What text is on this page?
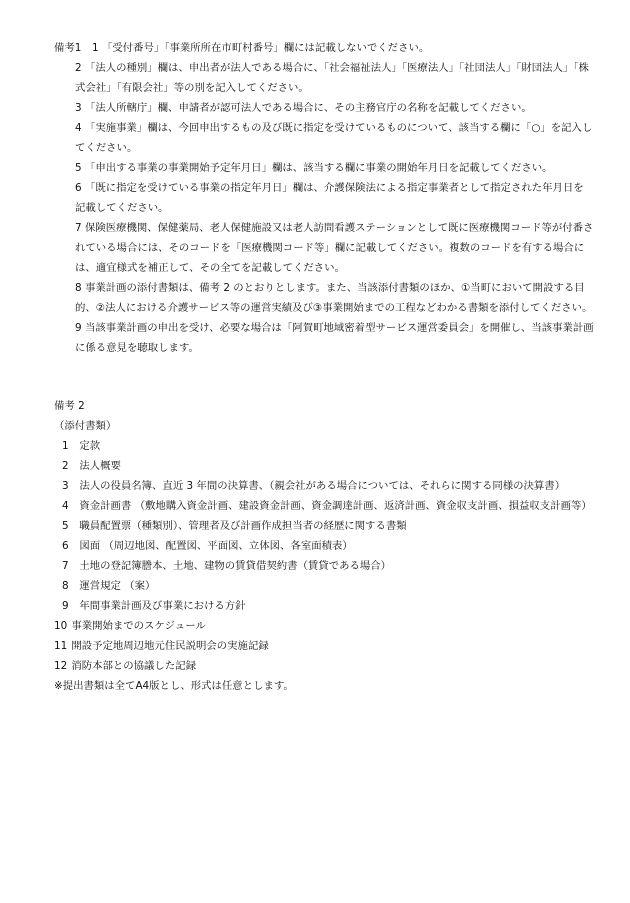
備考1 1 「受付番号」「事業所所在市町村番号」欄には記載しないでください。
2 「法人の種別」欄は、申出者が法人である場合に、「社会福祉法人」「医療法人」「社団法人」「財団法人」「株式会社」「有限会社」等の別を記入してください。
3 「法人所轄庁」欄、申請者が認可法人である場合に、その主務官庁の名称を記載してください。
4 「実施事業」欄は、今回申出するもの及び既に指定を受けているものについて、該当する欄に「○」を記入してください。
5 「申出する事業の事業開始予定年月日」欄は、該当する欄に事業の開始年月日を記載してください。
6 「既に指定を受けている事業の指定年月日」欄は、介護保険法による指定事業者として指定された年月日を記載してください。
7 保険医療機関、保健薬局、老人保健施設又は老人訪問看護ステーションとして既に医療機関コード等が付番されている場合には、そのコードを「医療機関コード等」欄に記載してください。複数のコードを有する場合には、適宜様式を補正して、その全てを記載してください。
8 事業計画の添付書類は、備考 2 のとおりとします。また、当該添付書類のほか、①当町において開設する目的、②法人における介護サービス等の運営実績及び③事業開始までの工程などわかる書類を添付してください。
9 当該事業計画の申出を受け、必要な場合は「阿賀町地域密着型サービス運営委員会」を開催し、当該事業計画に係る意見を聴取します。
備考 2
（添付書類）
1 定款
2 法人概要
3 法人の役員名簿、直近 3 年間の決算書、（親会社がある場合については、それらに関する同様の決算書）
4 資金計画書 （敷地購入資金計画、建設資金計画、資金調達計画、返済計画、資金収支計画、損益収支計画等）
5 職員配置票（種類別）、管理者及び計画作成担当者の経歴に関する書類
6 図面 （周辺地図、配置図、平面図、立体図、各室面積表）
7 土地の登記簿謄本、土地、建物の賃貸借契約書（賃貸である場合）
8 運営規定 （案）
9 年間事業計画及び事業における方針
10 事業開始までのスケジュール
11 開設予定地周辺地元住民説明会の実施記録
12 消防本部との協議した記録
※提出書類は全てA4版とし、形式は任意とします。
